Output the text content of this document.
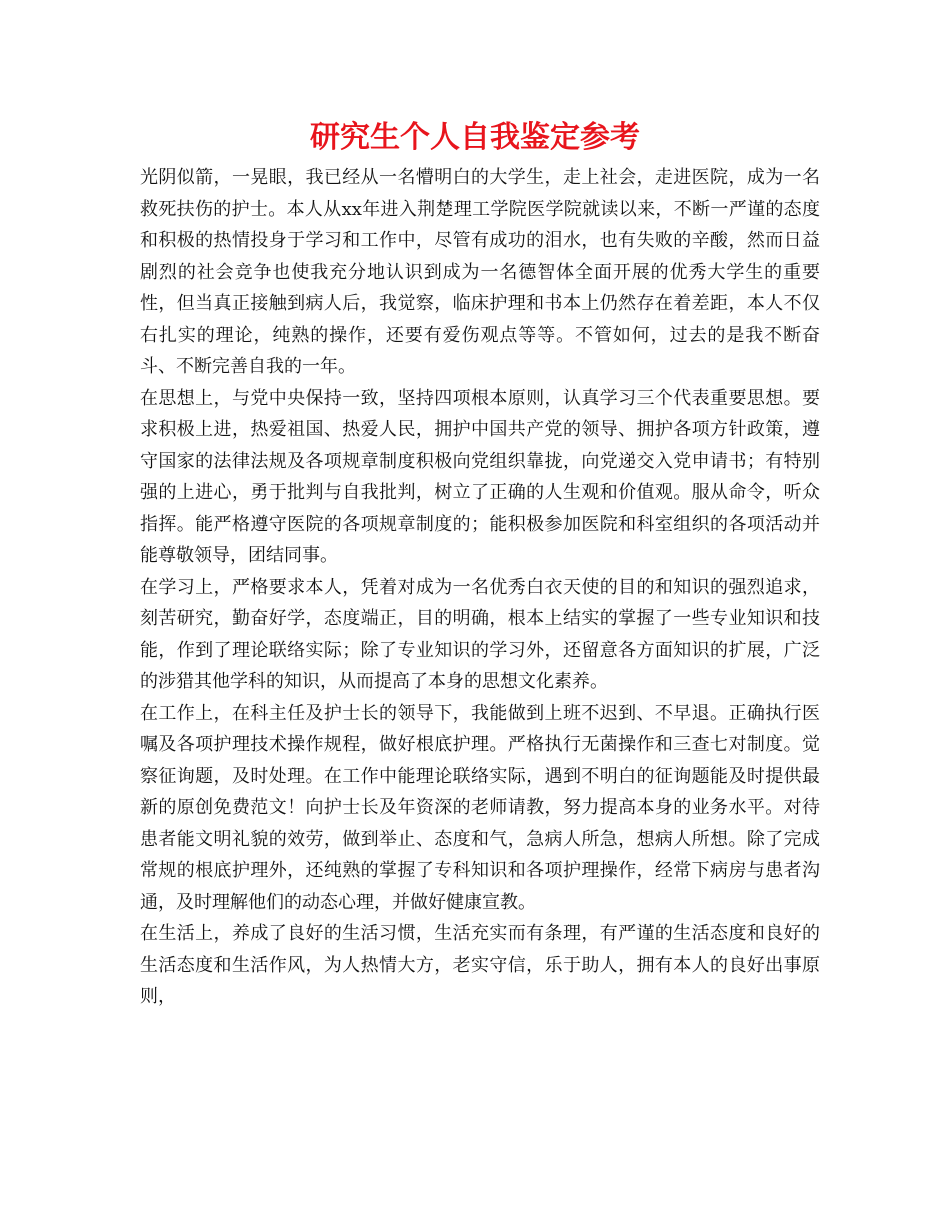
研究生个人自我鉴定参考

光阴似箭，一晃眼，我已经从一名懵明白的大学生，走上社会，走进医院，成为一名救死扶伤的护士。本人从xx年进入荆楚理工学院医学院就读以来，不断一严谨的态度和积极的热情投身于学习和工作中，尽管有成功的泪水，也有失败的辛酸，然而日益剧烈的社会竞争也使我充分地认识到成为一名德智体全面开展的优秀大学生的重要性，但当真正接触到病人后，我觉察，临床护理和书本上仍然存在着差距，本人不仅右扎实的理论，纯熟的操作，还要有爱伤观点等等。不管如何，过去的是我不断奋斗、不断完善自我的一年。

在思想上，与党中央保持一致，坚持四项根本原则，认真学习三个代表重要思想。要求积极上进，热爱祖国、热爱人民，拥护中国共产党的领导、拥护各项方针政策，遵守国家的法律法规及各项规章制度积极向党组织靠拢，向党递交入党申请书；有特别强的上进心，勇于批判与自我批判，树立了正确的人生观和价值观。服从命令，听众指挥。能严格遵守医院的各项规章制度的；能积极参加医院和科室组织的各项活动并能尊敬领导，团结同事。

在学习上，严格要求本人，凭着对成为一名优秀白衣天使的目的和知识的强烈追求，刻苦研究，勤奋好学，态度端正，目的明确，根本上结实的掌握了一些专业知识和技能，作到了理论联络实际；除了专业知识的学习外，还留意各方面知识的扩展，广泛的涉猎其他学科的知识，从而提高了本身的思想文化素养。

在工作上，在科主任及护士长的领导下，我能做到上班不迟到、不早退。正确执行医嘱及各项护理技术操作规程，做好根底护理。严格执行无菌操作和三查七对制度。觉察征询题，及时处理。在工作中能理论联络实际，遇到不明白的征询题能及时提供最新的原创免费范文！向护士长及年资深的老师请教，努力提高本身的业务水平。对待患者能文明礼貌的效劳，做到举止、态度和气，急病人所急，想病人所想。除了完成常规的根底护理外，还纯熟的掌握了专科知识和各项护理操作，经常下病房与患者沟通，及时理解他们的动态心理，并做好健康宣教。

在生活上，养成了良好的生活习惯，生活充实而有条理，有严谨的生活态度和良好的生活态度和生活作风，为人热情大方，老实守信，乐于助人，拥有本人的良好出事原则，
